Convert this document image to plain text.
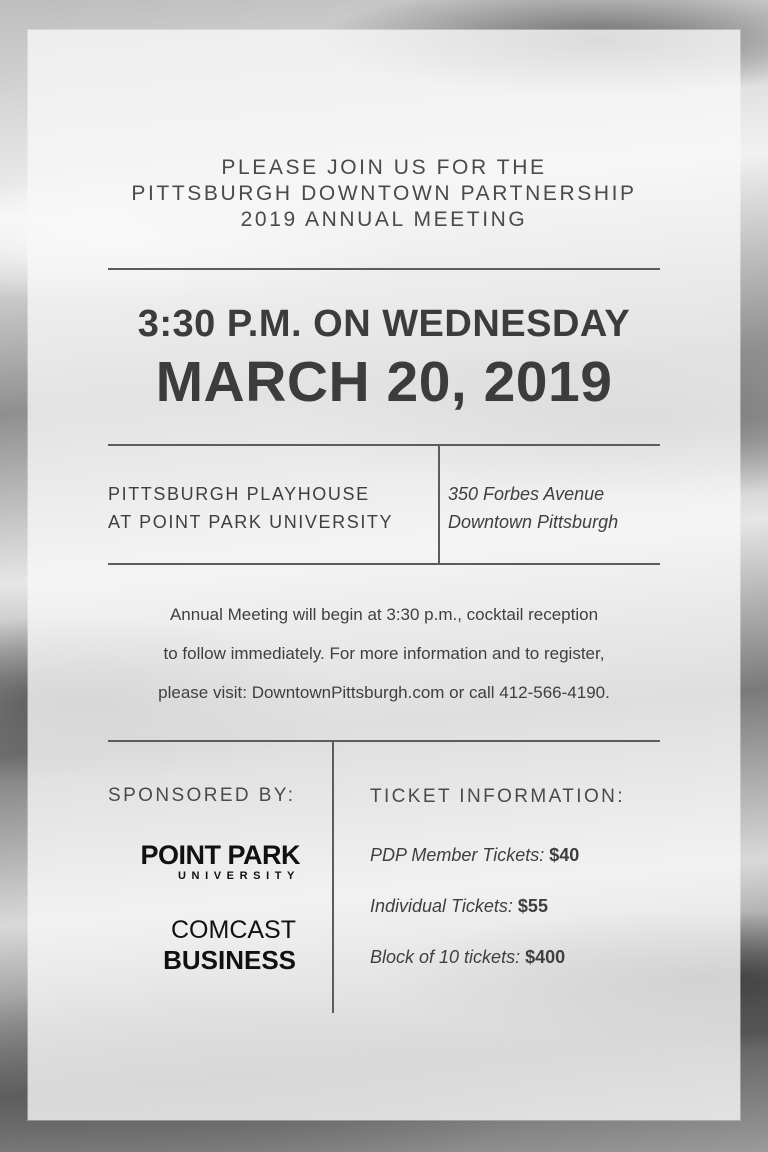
PLEASE JOIN US FOR THE
PITTSBURGH DOWNTOWN PARTNERSHIP
2019 ANNUAL MEETING
3:30 P.M. ON WEDNESDAY
MARCH 20, 2019
PITTSBURGH PLAYHOUSE
AT POINT PARK UNIVERSITY
350 Forbes Avenue
Downtown Pittsburgh
Annual Meeting will begin at 3:30 p.m., cocktail reception
to follow immediately. For more information and to register,
please visit: DowntownPittsburgh.com or call 412-566-4190.
SPONSORED BY:
POINT PARK
UNIVERSITY
COMCAST
BUSINESS
TICKET INFORMATION:
PDP Member Tickets: $40
Individual Tickets: $55
Block of 10 tickets: $400
